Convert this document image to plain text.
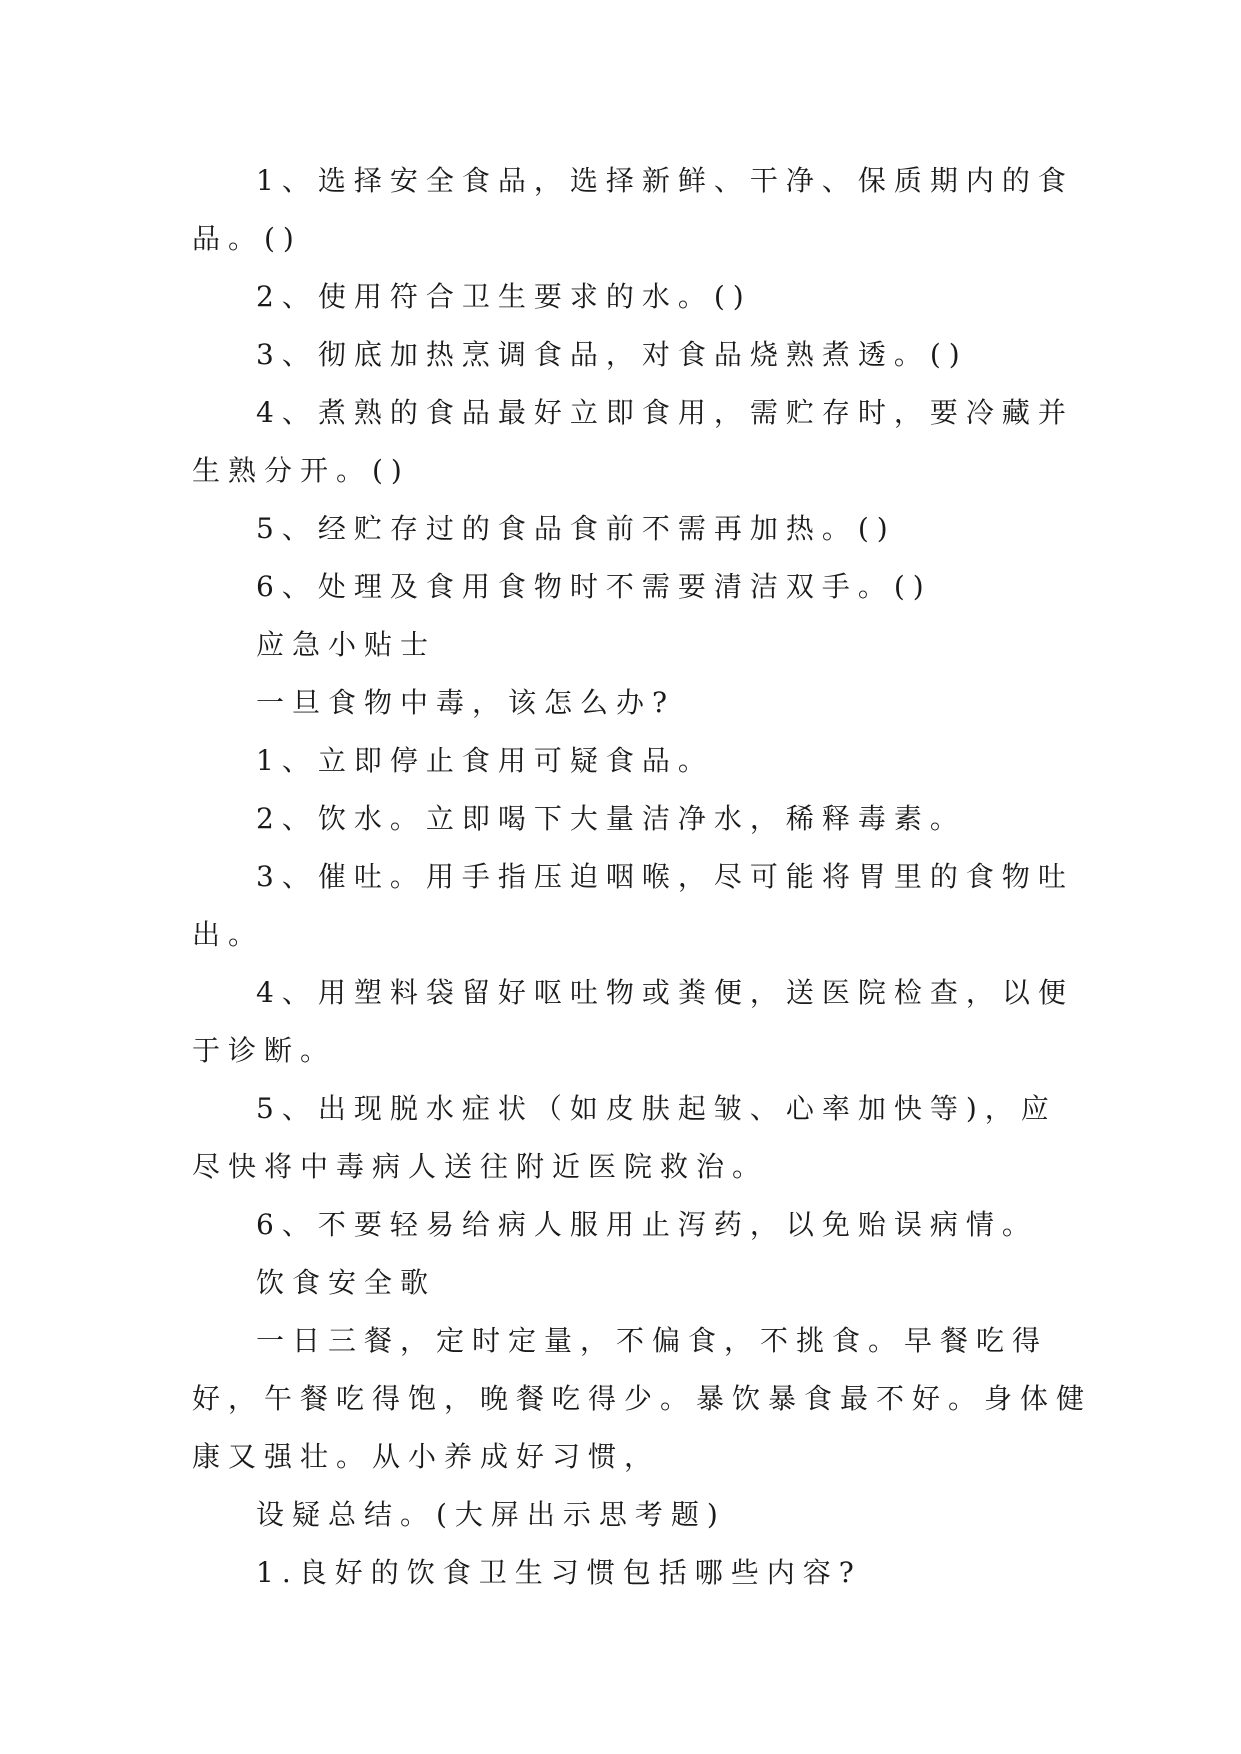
1、选择安全食品，选择新鲜、干净、保质期内的食品。()

2、使用符合卫生要求的水。()

3、彻底加热烹调食品，对食品烧熟煮透。()

4、煮熟的食品最好立即食用，需贮存时，要冷藏并生熟分开。()

5、经贮存过的食品食前不需再加热。()

6、处理及食用食物时不需要清洁双手。()

应急小贴士

一旦食物中毒，该怎么办?

1、立即停止食用可疑食品。

2、饮水。立即喝下大量洁净水，稀释毒素。

3、催吐。用手指压迫咽喉，尽可能将胃里的食物吐出。

4、用塑料袋留好呕吐物或粪便，送医院检查，以便于诊断。

5、出现脱水症状（如皮肤起皱、心率加快等)，应尽快将中毒病人送往附近医院救治。

6、不要轻易给病人服用止泻药，以免贻误病情。

饮食安全歌

一日三餐，定时定量，不偏食，不挑食。早餐吃得好，午餐吃得饱，晚餐吃得少。暴饮暴食最不好。身体健康又强壮。从小养成好习惯，

设疑总结。(大屏出示思考题)

1.良好的饮食卫生习惯包括哪些内容?
